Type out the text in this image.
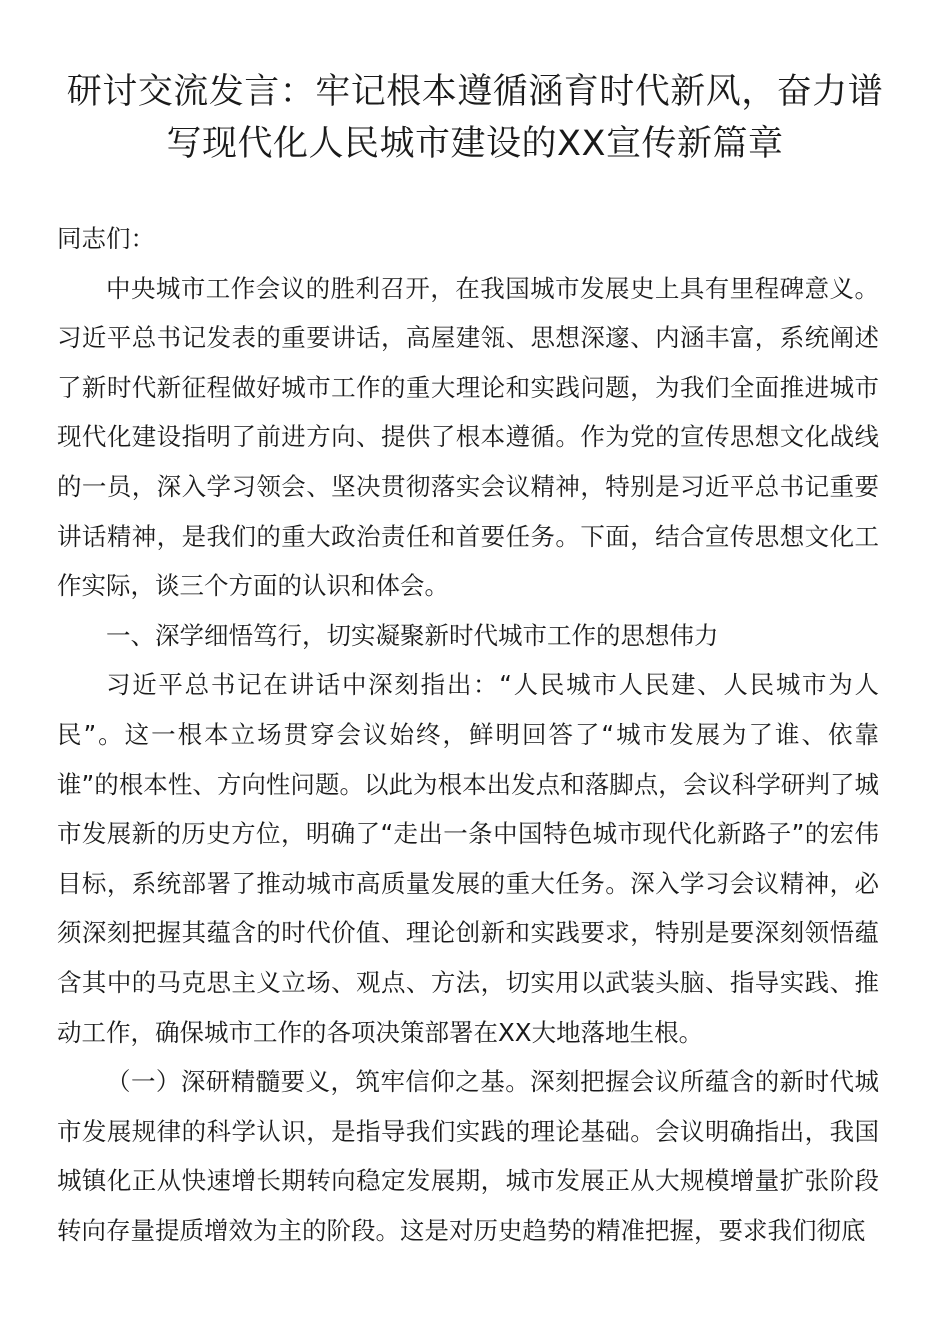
研讨交流发言：牢记根本遵循涵育时代新风，奋力谱
写现代化人民城市建设的XX宣传新篇章

同志们：

中央城市工作会议的胜利召开，在我国城市发展史上具有里程碑意义。习近平总书记发表的重要讲话，高屋建瓴、思想深邃、内涵丰富，系统阐述了新时代新征程做好城市工作的重大理论和实践问题，为我们全面推进城市现代化建设指明了前进方向、提供了根本遵循。作为党的宣传思想文化战线的一员，深入学习领会、坚决贯彻落实会议精神，特别是习近平总书记重要讲话精神，是我们的重大政治责任和首要任务。下面，结合宣传思想文化工作实际，谈三个方面的认识和体会。

一、深学细悟笃行，切实凝聚新时代城市工作的思想伟力

习近平总书记在讲话中深刻指出：“人民城市人民建、人民城市为人民”。这一根本立场贯穿会议始终，鲜明回答了“城市发展为了谁、依靠谁”的根本性、方向性问题。以此为根本出发点和落脚点，会议科学研判了城市发展新的历史方位，明确了“走出一条中国特色城市现代化新路子”的宏伟目标，系统部署了推动城市高质量发展的重大任务。深入学习会议精神，必须深刻把握其蕴含的时代价值、理论创新和实践要求，特别是要深刻领悟蕴含其中的马克思主义立场、观点、方法，切实用以武装头脑、指导实践、推动工作，确保城市工作的各项决策部署在XX大地落地生根。

（一）深研精髓要义，筑牢信仰之基。深刻把握会议所蕴含的新时代城市发展规律的科学认识，是指导我们实践的理论基础。会议明确指出，我国城镇化正从快速增长期转向稳定发展期，城市发展正从大规模增量扩张阶段转向存量提质增效为主的阶段。这是对历史趋势的精准把握，要求我们彻底
